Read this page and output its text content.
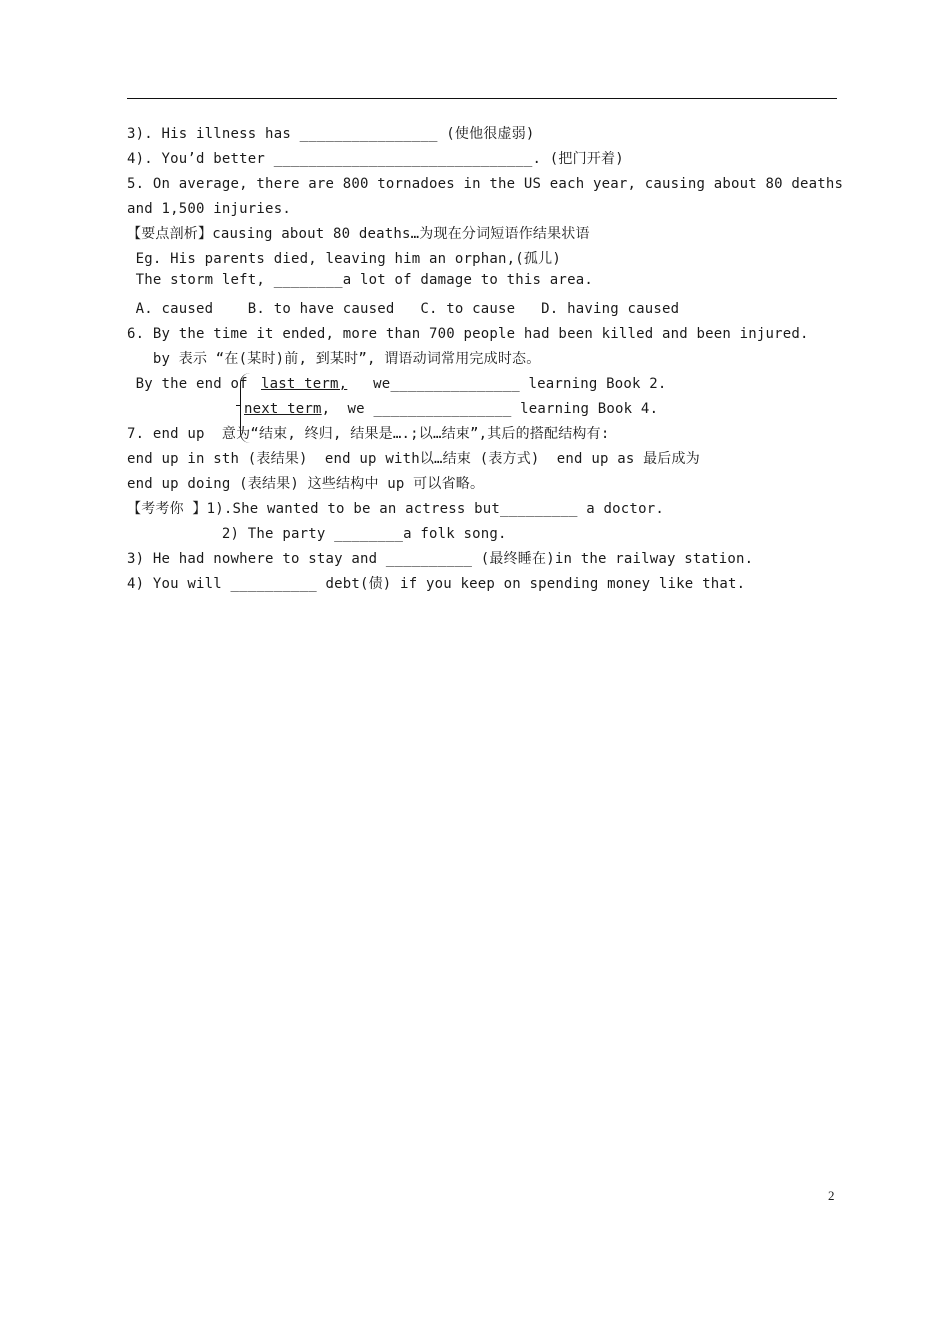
3). His illness has ________________ (使他很虚弱)
4). You’d better ______________________________. (把门开着)
5. On average, there are 800 tornadoes in the US each year, causing about 80 deaths
and 1,500 injuries.
【要点剖析】causing about 80 deaths…为现在分词短语作结果状语
Eg. His parents died, leaving him an orphan,(孤儿)
The storm left, ________a lot of damage to this area.
A. caused    B. to have caused   C. to cause   D. having caused
6. By the time it ended, more than 700 people had been killed and been injured.
by 表示 “在(某时)前, 到某时”, 谓语动词常用完成时态。
By the end of last term,   we_______________ learning Book 2.
next term,  we ________________ learning Book 4.
7. end up  意为“结束, 终归, 结果是….;以…结束”,其后的搭配结构有:
end up in sth (表结果)  end up with以…结束 (表方式)  end up as 最后成为
end up doing (表结果) 这些结构中 up 可以省略。
【考考你 】1).She wanted to be an actress but_________ a doctor.
2) The party ________a folk song.
3) He had nowhere to stay and __________ (最终睡在)in the railway station.
4) You will __________ debt(债) if you keep on spending money like that.
2
